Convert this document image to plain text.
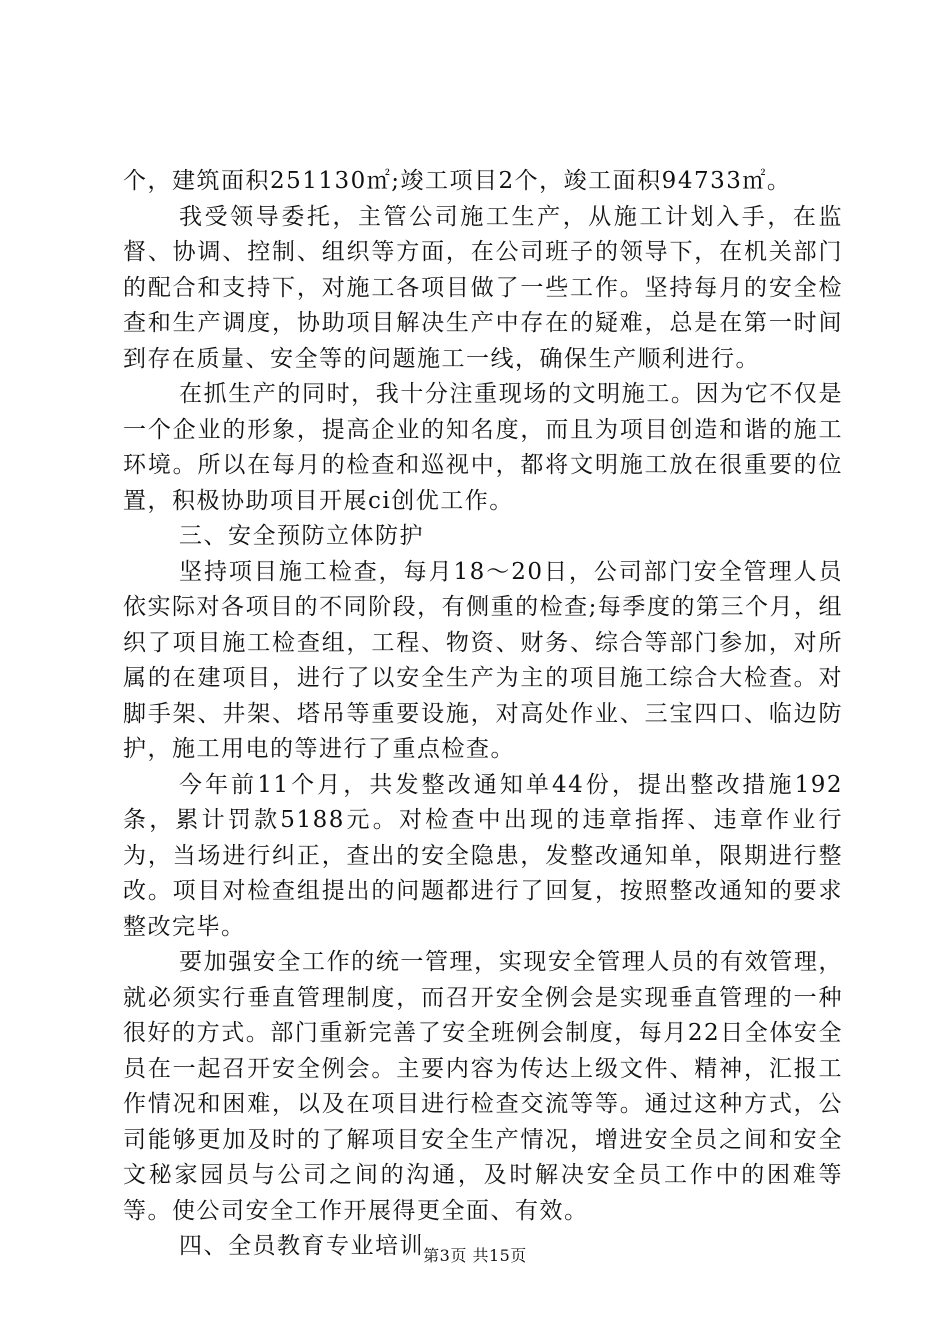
个，建筑面积251130㎡;竣工项目2个，竣工面积94733㎡。

我受领导委托，主管公司施工生产，从施工计划入手，在监督、协调、控制、组织等方面，在公司班子的领导下，在机关部门的配合和支持下，对施工各项目做了一些工作。坚持每月的安全检查和生产调度，协助项目解决生产中存在的疑难，总是在第一时间到存在质量、安全等的问题施工一线，确保生产顺利进行。

在抓生产的同时，我十分注重现场的文明施工。因为它不仅是一个企业的形象，提高企业的知名度，而且为项目创造和谐的施工环境。所以在每月的检查和巡视中，都将文明施工放在很重要的位置，积极协助项目开展ci创优工作。

三、安全预防立体防护

坚持项目施工检查，每月18～20日，公司部门安全管理人员依实际对各项目的不同阶段，有侧重的检查;每季度的第三个月，组织了项目施工检查组，工程、物资、财务、综合等部门参加，对所属的在建项目，进行了以安全生产为主的项目施工综合大检查。对脚手架、井架、塔吊等重要设施，对高处作业、三宝四口、临边防护，施工用电的等进行了重点检查。

今年前11个月，共发整改通知单44份，提出整改措施192条，累计罚款5188元。对检查中出现的违章指挥、违章作业行为，当场进行纠正，查出的安全隐患，发整改通知单，限期进行整改。项目对检查组提出的问题都进行了回复，按照整改通知的要求整改完毕。

要加强安全工作的统一管理，实现安全管理人员的有效管理，就必须实行垂直管理制度，而召开安全例会是实现垂直管理的一种很好的方式。部门重新完善了安全班例会制度，每月22日全体安全员在一起召开安全例会。主要内容为传达上级文件、精神，汇报工作情况和困难，以及在项目进行检查交流等等。通过这种方式，公司能够更加及时的了解项目安全生产情况，增进安全员之间和安全文秘家园员与公司之间的沟通，及时解决安全员工作中的困难等等。使公司安全工作开展得更全面、有效。

四、全员教育专业培训 第3页 共15页
